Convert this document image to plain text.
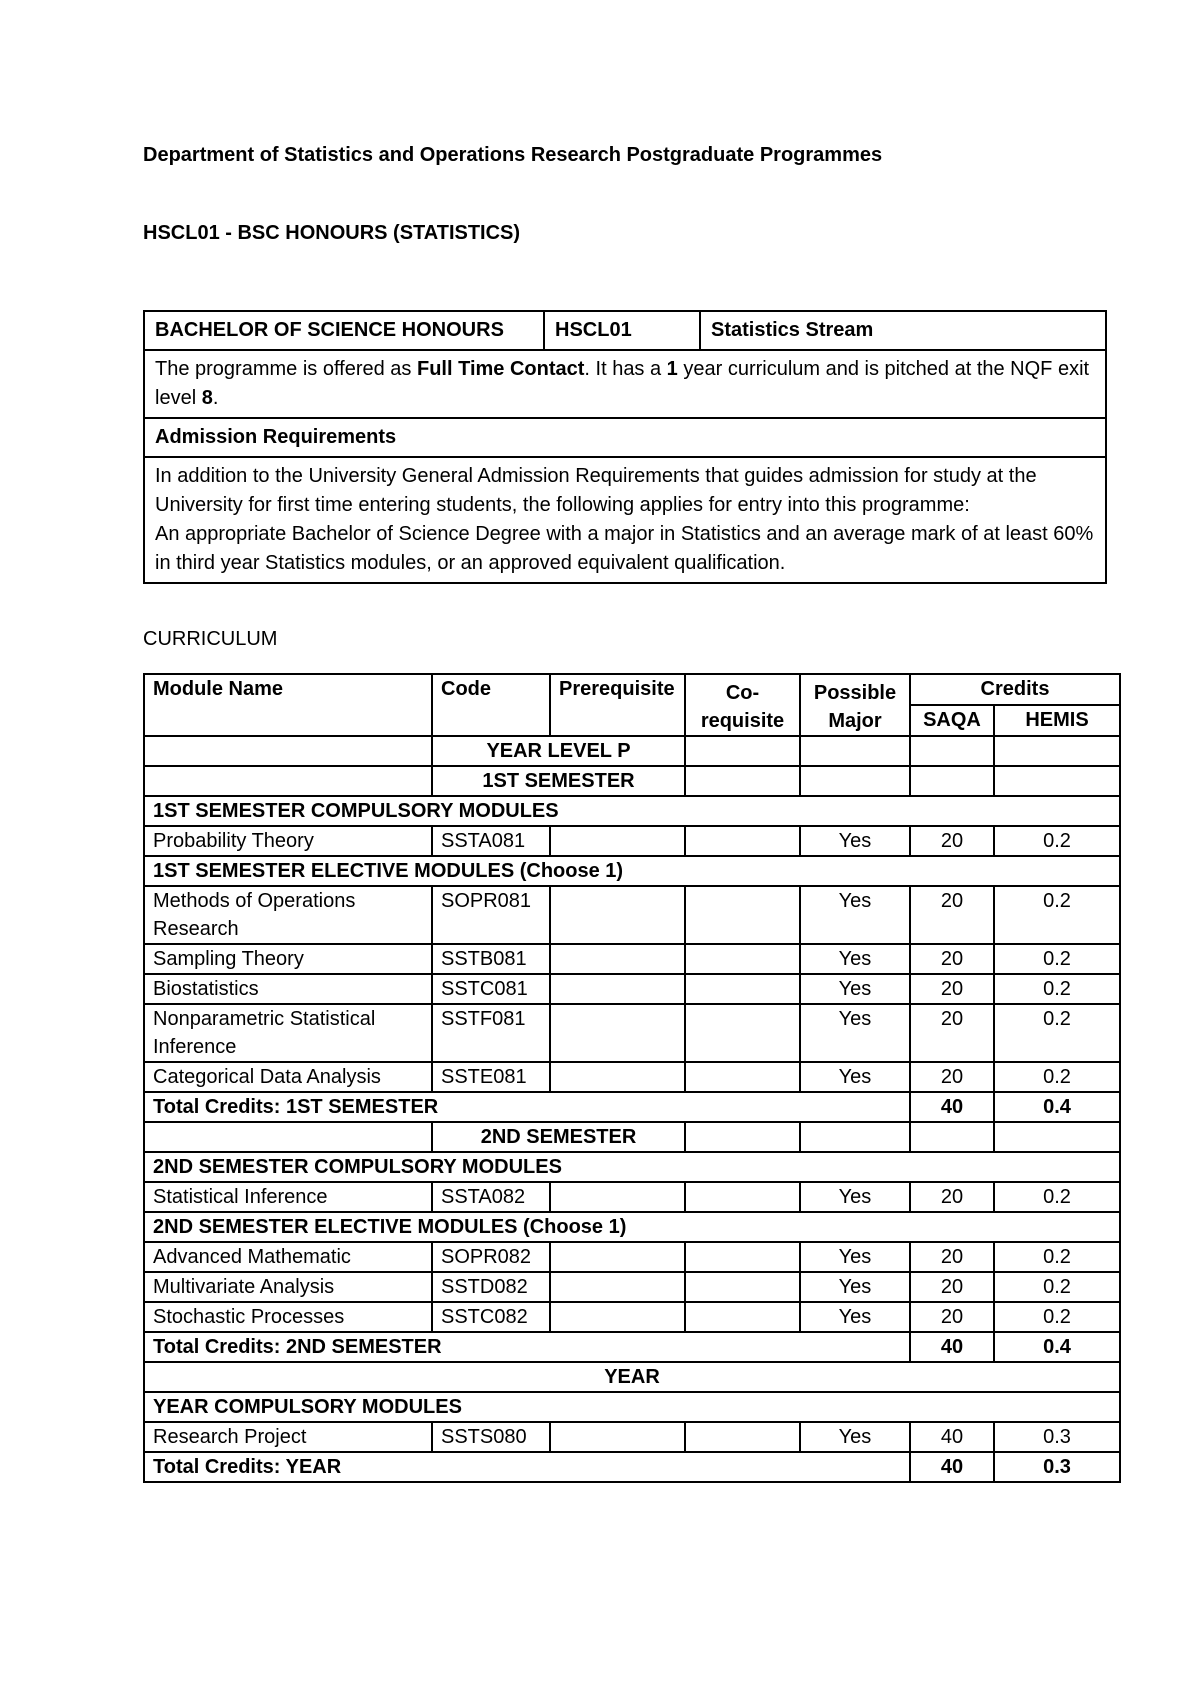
Department of Statistics and Operations Research Postgraduate Programmes

HSCL01 - BSC HONOURS (STATISTICS)

BACHELOR OF SCIENCE HONOURS	HSCL01	Statistics Stream
The programme is offered as Full Time Contact. It has a 1 year curriculum and is pitched at the NQF exit level 8.
Admission Requirements

In addition to the University General Admission Requirements that guides admission for study at the University for first time entering students, the following applies for entry into this programme:
An appropriate Bachelor of Science Degree with a major in Statistics and an average mark of at least 60% in third year Statistics modules, or an approved equivalent qualification.

CURRICULUM

Module Name	Code	Prerequisite	Co-requisite	Possible Major	Credits	
					SAQA	HEMIS
	YEAR LEVEL P					
	1ST SEMESTER					
1ST SEMESTER COMPULSORY MODULES						
Probability Theory	SSTA081			Yes	20	0.2
1ST SEMESTER ELECTIVE MODULES (Choose 1)						
Methods of Operations Research	SOPR081			Yes	20	0.2
Sampling Theory	SSTB081			Yes	20	0.2
Biostatistics	SSTC081			Yes	20	0.2
Nonparametric Statistical Inference	SSTF081			Yes	20	0.2
Categorical Data Analysis	SSTE081			Yes	20	0.2
Total Credits: 1ST SEMESTER					40	0.4
	2ND SEMESTER					
2ND SEMESTER COMPULSORY MODULES						
Statistical Inference	SSTA082			Yes	20	0.2
2ND SEMESTER ELECTIVE MODULES (Choose 1)						
Advanced Mathematic	SOPR082			Yes	20	0.2
Multivariate Analysis	SSTD082			Yes	20	0.2
Stochastic Processes	SSTC082			Yes	20	0.2
Total Credits: 2ND SEMESTER					40	0.4
YEAR						
YEAR COMPULSORY MODULES						
Research Project	SSTS080			Yes	40	0.3
Total Credits: YEAR					40	0.3
